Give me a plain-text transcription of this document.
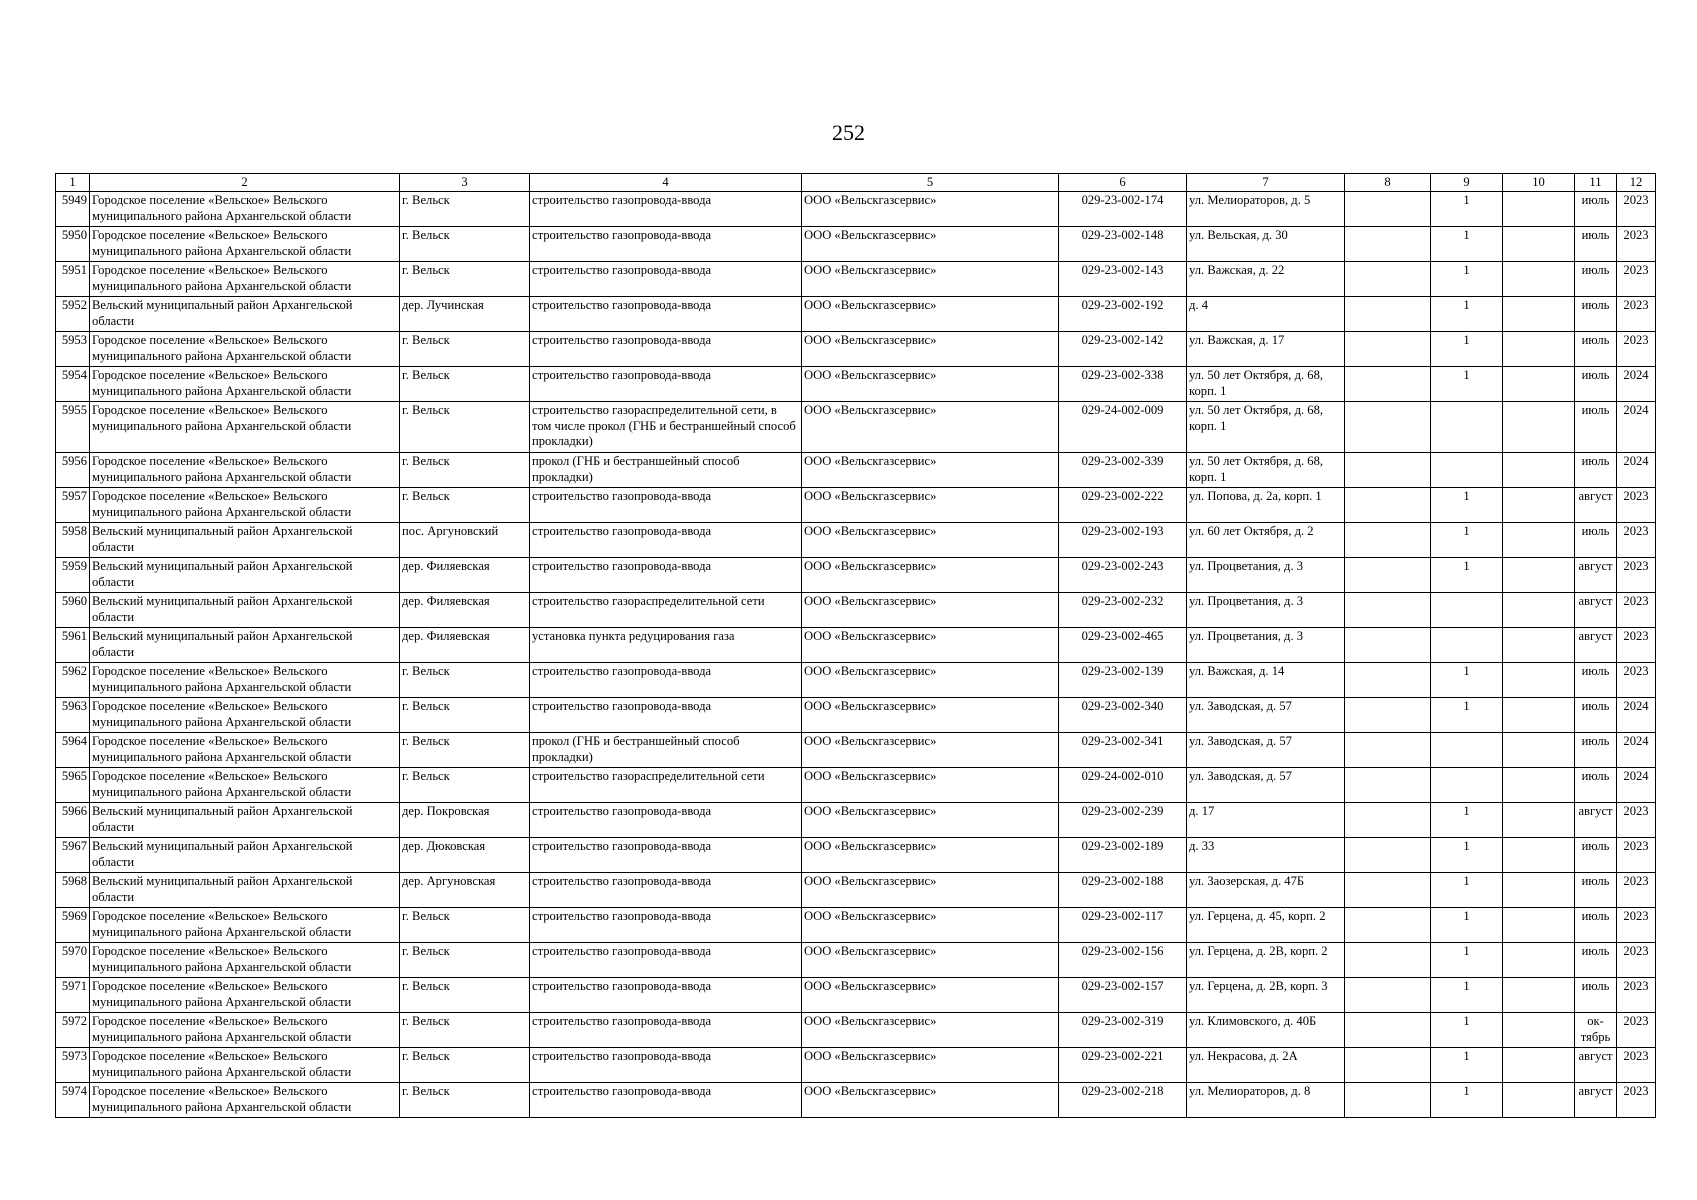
252
1	2	3	4	5	6	7	8	9	10	11	12
5949	Городское поселение «Вельское» Вельского муниципального района Архангельской области	г. Вельск	строительство газопровода-ввода	ООО «Вельскгазсервис»	029-23-002-174	ул. Мелиораторов, д. 5		1		июль	2023
5950	Городское поселение «Вельское» Вельского муниципального района Архангельской области	г. Вельск	строительство газопровода-ввода	ООО «Вельскгазсервис»	029-23-002-148	ул. Вельская, д. 30		1		июль	2023
5951	Городское поселение «Вельское» Вельского муниципального района Архангельской области	г. Вельск	строительство газопровода-ввода	ООО «Вельскгазсервис»	029-23-002-143	ул. Важская, д. 22		1		июль	2023
5952	Вельский муниципальный район Архангельской области	дер. Лучинская	строительство газопровода-ввода	ООО «Вельскгазсервис»	029-23-002-192	д. 4		1		июль	2023
5953	Городское поселение «Вельское» Вельского муниципального района Архангельской области	г. Вельск	строительство газопровода-ввода	ООО «Вельскгазсервис»	029-23-002-142	ул. Важская, д. 17		1		июль	2023
5954	Городское поселение «Вельское» Вельского муниципального района Архангельской области	г. Вельск	строительство газопровода-ввода	ООО «Вельскгазсервис»	029-23-002-338	ул. 50 лет Октября, д. 68, корп. 1		1		июль	2024
5955	Городское поселение «Вельское» Вельского муниципального района Архангельской области	г. Вельск	строительство газораспределительной сети, в том числе прокол (ГНБ и бестраншейный способ прокладки)	ООО «Вельскгазсервис»	029-24-002-009	ул. 50 лет Октября, д. 68, корп. 1				июль	2024
5956	Городское поселение «Вельское» Вельского муниципального района Архангельской области	г. Вельск	прокол (ГНБ и бестраншейный способ прокладки)	ООО «Вельскгазсервис»	029-23-002-339	ул. 50 лет Октября, д. 68, корп. 1				июль	2024
5957	Городское поселение «Вельское» Вельского муниципального района Архангельской области	г. Вельск	строительство газопровода-ввода	ООО «Вельскгазсервис»	029-23-002-222	ул. Попова, д. 2а, корп. 1		1		август	2023
5958	Вельский муниципальный район Архангельской области	пос. Аргуновский	строительство газопровода-ввода	ООО «Вельскгазсервис»	029-23-002-193	ул. 60 лет Октября, д. 2		1		июль	2023
5959	Вельский муниципальный район Архангельской области	дер. Филяевская	строительство газопровода-ввода	ООО «Вельскгазсервис»	029-23-002-243	ул. Процветания, д. 3		1		август	2023
5960	Вельский муниципальный район Архангельской области	дер. Филяевская	строительство газораспределительной сети	ООО «Вельскгазсервис»	029-23-002-232	ул. Процветания, д. 3				август	2023
5961	Вельский муниципальный район Архангельской области	дер. Филяевская	установка пункта редуцирования газа	ООО «Вельскгазсервис»	029-23-002-465	ул. Процветания, д. 3				август	2023
5962	Городское поселение «Вельское» Вельского муниципального района Архангельской области	г. Вельск	строительство газопровода-ввода	ООО «Вельскгазсервис»	029-23-002-139	ул. Важская, д. 14		1		июль	2023
5963	Городское поселение «Вельское» Вельского муниципального района Архангельской области	г. Вельск	строительство газопровода-ввода	ООО «Вельскгазсервис»	029-23-002-340	ул. Заводская, д. 57		1		июль	2024
5964	Городское поселение «Вельское» Вельского муниципального района Архангельской области	г. Вельск	прокол (ГНБ и бестраншейный способ прокладки)	ООО «Вельскгазсервис»	029-23-002-341	ул. Заводская, д. 57				июль	2024
5965	Городское поселение «Вельское» Вельского муниципального района Архангельской области	г. Вельск	строительство газораспределительной сети	ООО «Вельскгазсервис»	029-24-002-010	ул. Заводская, д. 57				июль	2024
5966	Вельский муниципальный район Архангельской области	дер. Покровская	строительство газопровода-ввода	ООО «Вельскгазсервис»	029-23-002-239	д. 17		1		август	2023
5967	Вельский муниципальный район Архангельской области	дер. Дюковская	строительство газопровода-ввода	ООО «Вельскгазсервис»	029-23-002-189	д. 33		1		июль	2023
5968	Вельский муниципальный район Архангельской области	дер. Аргуновская	строительство газопровода-ввода	ООО «Вельскгазсервис»	029-23-002-188	ул. Заозерская, д. 47Б		1		июль	2023
5969	Городское поселение «Вельское» Вельского муниципального района Архангельской области	г. Вельск	строительство газопровода-ввода	ООО «Вельскгазсервис»	029-23-002-117	ул. Герцена, д. 45, корп. 2		1		июль	2023
5970	Городское поселение «Вельское» Вельского муниципального района Архангельской области	г. Вельск	строительство газопровода-ввода	ООО «Вельскгазсервис»	029-23-002-156	ул. Герцена, д. 2В, корп. 2		1		июль	2023
5971	Городское поселение «Вельское» Вельского муниципального района Архангельской области	г. Вельск	строительство газопровода-ввода	ООО «Вельскгазсервис»	029-23-002-157	ул. Герцена, д. 2В, корп. 3		1		июль	2023
5972	Городское поселение «Вельское» Вельского муниципального района Архангельской области	г. Вельск	строительство газопровода-ввода	ООО «Вельскгазсервис»	029-23-002-319	ул. Климовского, д. 40Б		1		ок-тябрь	2023
5973	Городское поселение «Вельское» Вельского муниципального района Архангельской области	г. Вельск	строительство газопровода-ввода	ООО «Вельскгазсервис»	029-23-002-221	ул. Некрасова, д. 2А		1		август	2023
5974	Городское поселение «Вельское» Вельского муниципального района Архангельской области	г. Вельск	строительство газопровода-ввода	ООО «Вельскгазсервис»	029-23-002-218	ул. Мелиораторов, д. 8		1		август	2023
